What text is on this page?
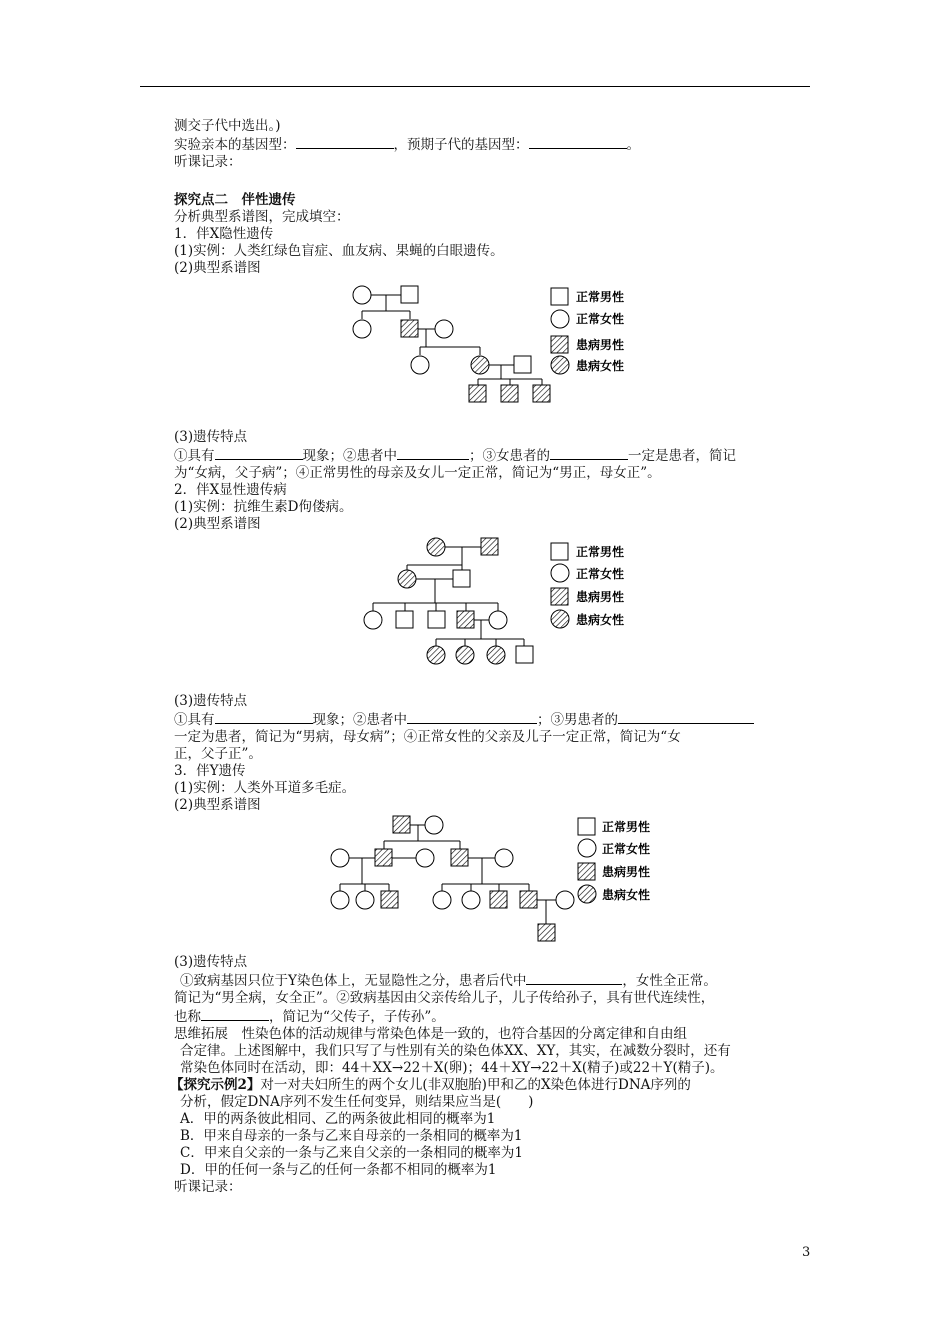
测交子代中选出。)

实验亲本的基因型：	，预期子代的基因型：	。

听课记录：

探究点二　伴性遗传

分析典型系谱图，完成填空：

1．伴X隐性遗传

(1)实例：人类红绿色盲症、血友病、果蝇的白眼遗传。

(2)典型系谱图

正常男性
正常女性
患病男性
患病女性

(3)遗传特点

①具有	现象；②患者中	；③女患者的	一定是患者，简记

为“女病，父子病”；④正常男性的母亲及女儿一定正常，简记为“男正，母女正”。

2．伴X显性遗传病

(1)实例：抗维生素D佝偻病。

(2)典型系谱图

正常男性
正常女性
患病男性
患病女性

(3)遗传特点

①具有	现象；②患者中	；③男患者的

一定为患者，简记为“男病，母女病”；④正常女性的父亲及儿子一定正常，简记为“女

正，父子正”。

3．伴Y遗传

(1)实例：人类外耳道多毛症。

(2)典型系谱图

正常男性
正常女性
患病男性
患病女性

(3)遗传特点

①致病基因只位于Y染色体上，无显隐性之分，患者后代中	，女性全正常。

简记为“男全病，女全正”。②致病基因由父亲传给儿子，儿子传给孙子，具有世代连续性，

也称	，简记为“父传子，子传孙”。

思维拓展　性染色体的活动规律与常染色体是一致的，也符合基因的分离定律和自由组

合定律。上述图解中，我们只写了与性别有关的染色体XX、XY，其实，在减数分裂时，还有

常染色体同时在活动，即：44＋XX→22＋X(卵)；44＋XY→22＋X(精子)或22＋Y(精子)。

【探究示例2】对一对夫妇所生的两个女儿(非双胞胎)甲和乙的X染色体进行DNA序列的

分析，假定DNA序列不发生任何变异，则结果应当是(　　)

A．甲的两条彼此相同、乙的两条彼此相同的概率为1

B．甲来自母亲的一条与乙来自母亲的一条相同的概率为1

C．甲来自父亲的一条与乙来自父亲的一条相同的概率为1

D．甲的任何一条与乙的任何一条都不相同的概率为1

听课记录：

3
